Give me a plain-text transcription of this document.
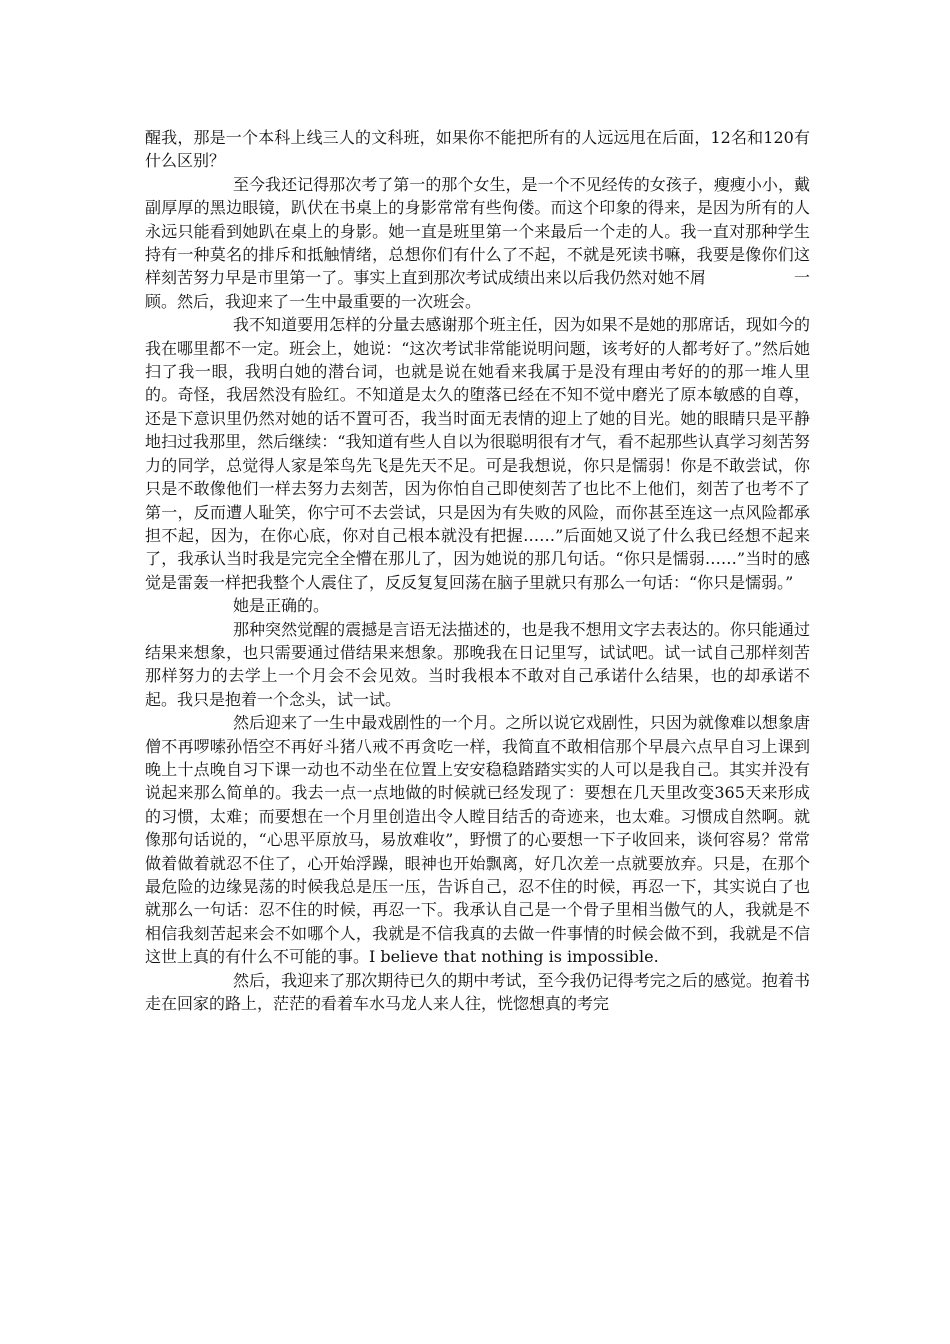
醒我，那是一个本科上线三人的文科班，如果你不能把所有的人远远甩在后面，12名和120有什么区别？

至今我还记得那次考了第一的那个女生，是一个不见经传的女孩子，瘦瘦小小，戴副厚厚的黑边眼镜，趴伏在书桌上的身影常常有些佝偻。而这个印象的得来，是因为所有的人永远只能看到她趴在桌上的身影。她一直是班里第一个来最后一个走的人。我一直对那种学生持有一种莫名的排斥和抵触情绪，总想你们有什么了不起，不就是死读书嘛，我要是像你们这样刻苦努力早是市里第一了。事实上直到那次考试成绩出来以后我仍然对她不屑	一顾。然后，我迎来了一生中最重要的一次班会。

我不知道要用怎样的分量去感谢那个班主任，因为如果不是她的那席话，现如今的我在哪里都不一定。班会上，她说：“这次考试非常能说明问题，该考好的人都考好了。”然后她扫了我一眼，我明白她的潜台词，也就是说在她看来我属于是没有理由考好的的那一堆人里的。奇怪，我居然没有脸红。不知道是太久的堕落已经在不知不觉中磨光了原本敏感的自尊，还是下意识里仍然对她的话不置可否，我当时面无表情的迎上了她的目光。她的眼睛只是平静地扫过我那里，然后继续：“我知道有些人自以为很聪明很有才气，看不起那些认真学习刻苦努力的同学，总觉得人家是笨鸟先飞是先天不足。可是我想说，你只是懦弱！你是不敢尝试，你只是不敢像他们一样去努力去刻苦，因为你怕自己即使刻苦了也比不上他们，刻苦了也考不了第一，反而遭人耻笑，你宁可不去尝试，只是因为有失败的风险，而你甚至连这一点风险都承担不起，因为，在你心底，你对自己根本就没有把握……”后面她又说了什么我已经想不起来了，我承认当时我是完完全全懵在那儿了，因为她说的那几句话。“你只是懦弱……”当时的感觉是雷轰一样把我整个人震住了，反反复复回荡在脑子里就只有那么一句话：“你只是懦弱。”

她是正确的。

那种突然觉醒的震撼是言语无法描述的，也是我不想用文字去表达的。你只能通过结果来想象，也只需要通过借结果来想象。那晚我在日记里写，试试吧。试一试自己那样刻苦那样努力的去学上一个月会不会见效。当时我根本不敢对自己承诺什么结果，也的却承诺不起。我只是抱着一个念头，试一试。

然后迎来了一生中最戏剧性的一个月。之所以说它戏剧性，只因为就像难以想象唐僧不再啰嗦孙悟空不再好斗猪八戒不再贪吃一样，我简直不敢相信那个早晨六点早自习上课到晚上十点晚自习下课一动也不动坐在位置上安安稳稳踏踏实实的人可以是我自己。其实并没有说起来那么简单的。我去一点一点地做的时候就已经发现了：要想在几天里改变365天来形成的习惯，太难；而要想在一个月里创造出令人瞠目结舌的奇迹来，也太难。习惯成自然啊。就像那句话说的，“心思平原放马，易放难收”，野惯了的心要想一下子收回来，谈何容易？常常做着做着就忍不住了，心开始浮躁，眼神也开始飘离，好几次差一点就要放弃。只是，在那个最危险的边缘晃荡的时候我总是压一压，告诉自己，忍不住的时候，再忍一下，其实说白了也就那么一句话：忍不住的时候，再忍一下。我承认自己是一个骨子里相当傲气的人，我就是不相信我刻苦起来会不如哪个人，我就是不信我真的去做一件事情的时候会做不到，我就是不信这世上真的有什么不可能的事。I believe that nothing is impossible.

然后，我迎来了那次期待已久的期中考试，至今我仍记得考完之后的感觉。抱着书走在回家的路上，茫茫的看着车水马龙人来人往，恍惚想真的考完
